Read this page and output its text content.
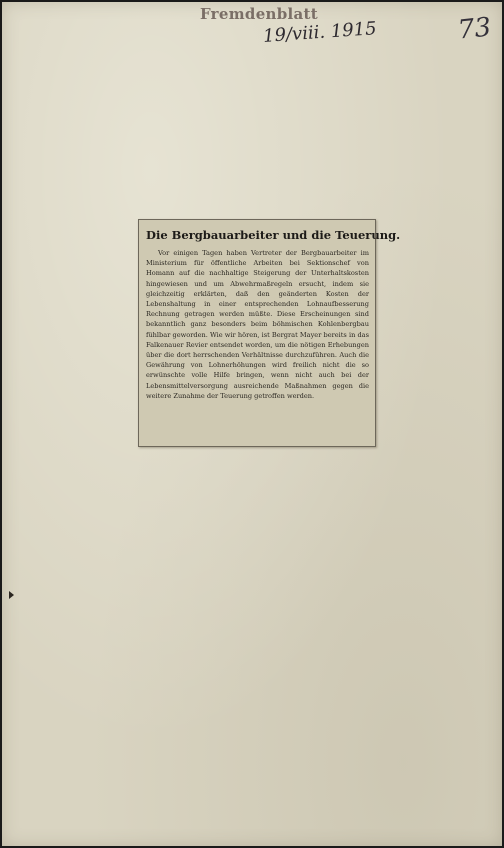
Fremdenblatt
19/viii. 1915	73
Die Bergbauarbeiter und die Teuerung.

Vor einigen Tagen haben Vertreter der Bergbauarbeiter im Ministerium für öffentliche Arbeiten bei Sektionschef von Homann auf die nachhaltige Steigerung der Unterhaltskosten hingewiesen und um Abwehrmaßregeln ersucht, indem sie gleichzeitig erklärten, daß den geänderten Kosten der Lebenshaltung in einer entsprechenden Lohnaufbesserung Rechnung getragen werden müßte. Diese Erscheinungen sind bekanntlich ganz besonders beim böhmischen Kohlenbergbau fühlbar geworden. Wie wir hören, ist Bergrat Mayer bereits in das Falkenauer Revier entsendet worden, um die nötigen Erhebungen über die dort herrschenden Verhältnisse durchzuführen. Auch die Gewährung von Lohnerhöhungen wird freilich nicht die so erwünschte volle Hilfe bringen, wenn nicht auch bei der Lebensmittelversorgung ausreichende Maßnahmen gegen die weitere Zunahme der Teuerung getroffen werden.
